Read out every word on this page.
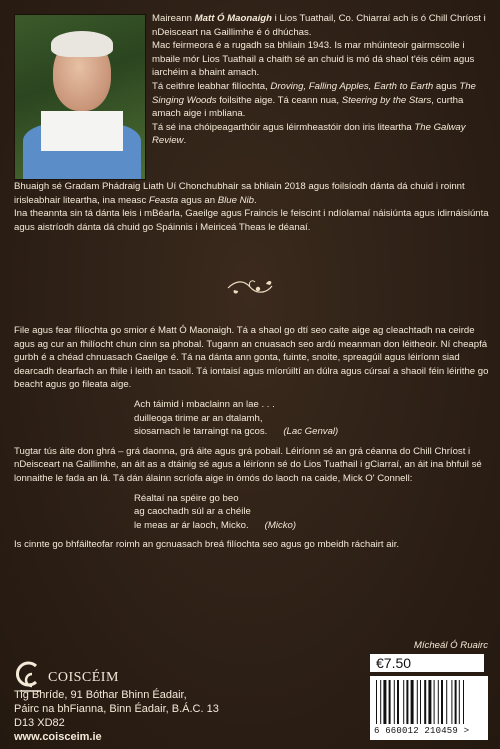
Maireann Matt Ó Maonaigh i Lios Tuathail, Co. Chiarraí ach is ó Chill Chríost i nDeisceart na Gaillimhe é ó dhúchas.

Mac feirmeora é a rugadh sa bhliain 1943. Is mar mhúinteoir gairmscoile i mbaile mór Lios Tuathail a chaith sé an chuid is mó dá shaol t'éis céim agus iarchéim a bhaint amach.

Tá ceithre leabhar filíochta, Droving, Falling Apples, Earth to Earth agus The Singing Woods foilsithe aige. Tá ceann nua, Steering by the Stars, curtha amach aige i mbliana.

Tá sé ina chóipeagarthóir agus léirmheastóir don iris liteartha The Galway Review.

Bhuaigh sé Gradam Phádraig Liath Uí Chonchubhair sa bhliain 2018 agus foilsíodh dánta dá chuid i roinnt irisleabhair liteartha, ina measc Feasta agus an Blue Nib.

Ina theannta sin tá dánta leis i mBéarla, Gaeilge agus Fraincis le feiscint i ndíolamaí náisiúnta agus idirnáisiúnta agus aistríodh dánta dá chuid go Spáinnis i Meiriceá Theas le déanaí.

File agus fear filíochta go smior é Matt Ó Maonaigh. Tá a shaol go dtí seo caite aige ag cleachtadh na ceirde agus ag cur an fhilíocht chun cinn sa phobal. Tugann an cnuasach seo ardú meanman don léitheoir. Ní cheapfá gurbh é a chéad chnuasach Gaeilge é. Tá na dánta ann gonta, fuinte, snoite, spreagúil agus léiríonn siad dearcadh dearfach an fhile i leith an tsaoil. Tá iontaisí agus míorúiltí an dúlra agus cúrsaí a shaoil féin léirithe go beacht agus go fileata aige.

Ach táimid i mbaclainn an lae . . .
duilleoga tirime ar an dtalamh,
siosarnach le tarraingt na gcos. (Lac Genval)

Tugtar tús áite don ghrá – grá daonna, grá áite agus grá pobail. Léiríonn sé an grá céanna do Chill Chríost i nDeisceart na Gaillimhe, an áit as a dtáinig sé agus a léiríonn sé do Lios Tuathail i gCiarraí, an áit ina bhfuil sé lonnaithe le fada an lá. Tá dán álainn scríofa aige in ómós do laoch na caide, Mick O' Connell:

Réaltaí na spéire go beo
ag caochadh súl ar a chéile
le meas ar ár laoch, Micko. (Micko)

Is cinnte go bhfáilteofar roimh an gcnuasach breá filíochta seo agus go mbeidh ráchairt air.

Mícheál Ó Ruairc
COISCÉIM
Tig Bhríde, 91 Bóthar Bhinn Éadair,
Páirc na bhFianna, Binn Éadair, B.Á.C. 13
D13 XD82
www.coisceim.ie
€7.50
6 660012 210459 >
